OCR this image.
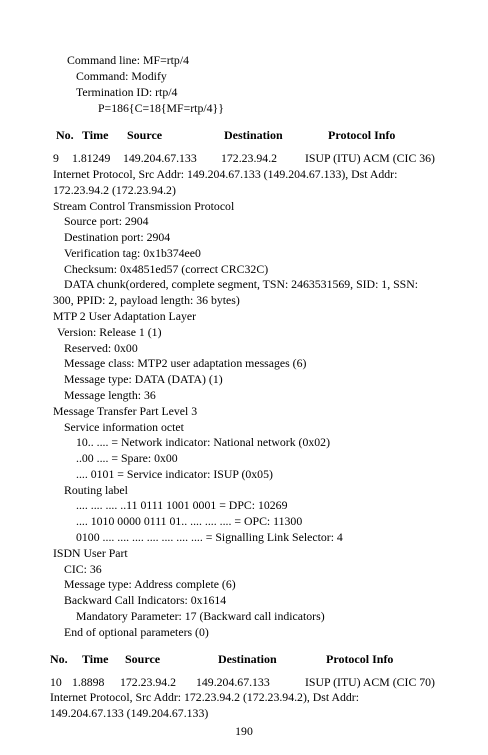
Command line: MF=rtp/4
Command: Modify
Termination ID: rtp/4
P=186{C=18{MF=rtp/4}}
No. Time Source	Destination	Protocol Info
9 1.81249 149.204.67.133 172.23.94.2 ISUP (ITU) ACM (CIC 36)
Internet Protocol, Src Addr: 149.204.67.133 (149.204.67.133), Dst Addr:
172.23.94.2 (172.23.94.2)
Stream Control Transmission Protocol
Source port: 2904
Destination port: 2904
Verification tag: 0x1b374ee0
Checksum: 0x4851ed57 (correct CRC32C)
DATA chunk(ordered, complete segment, TSN: 2463531569, SID: 1, SSN:
300, PPID: 2, payload length: 36 bytes)
MTP 2 User Adaptation Layer
Version: Release 1 (1)
Reserved: 0x00
Message class: MTP2 user adaptation messages (6)
Message type: DATA (DATA) (1)
Message length: 36
Message Transfer Part Level 3
Service information octet
10.. .... = Network indicator: National network (0x02)
..00 .... = Spare: 0x00
.... 0101 = Service indicator: ISUP (0x05)
Routing label
.... .... .... ..11 0111 1001 0001 = DPC: 10269
.... 1010 0000 0111 01.. .... .... .... = OPC: 11300
0100 .... .... .... .... .... .... .... = Signalling Link Selector: 4
ISDN User Part
CIC: 36
Message type: Address complete (6)
Backward Call Indicators: 0x1614
Mandatory Parameter: 17 (Backward call indicators)
End of optional parameters (0)
No. Time Source	Destination	Protocol Info
10 1.8898 172.23.94.2 149.204.67.133	ISUP (ITU) ACM (CIC 70)
Internet Protocol, Src Addr: 172.23.94.2 (172.23.94.2), Dst Addr:
149.204.67.133 (149.204.67.133)
190
